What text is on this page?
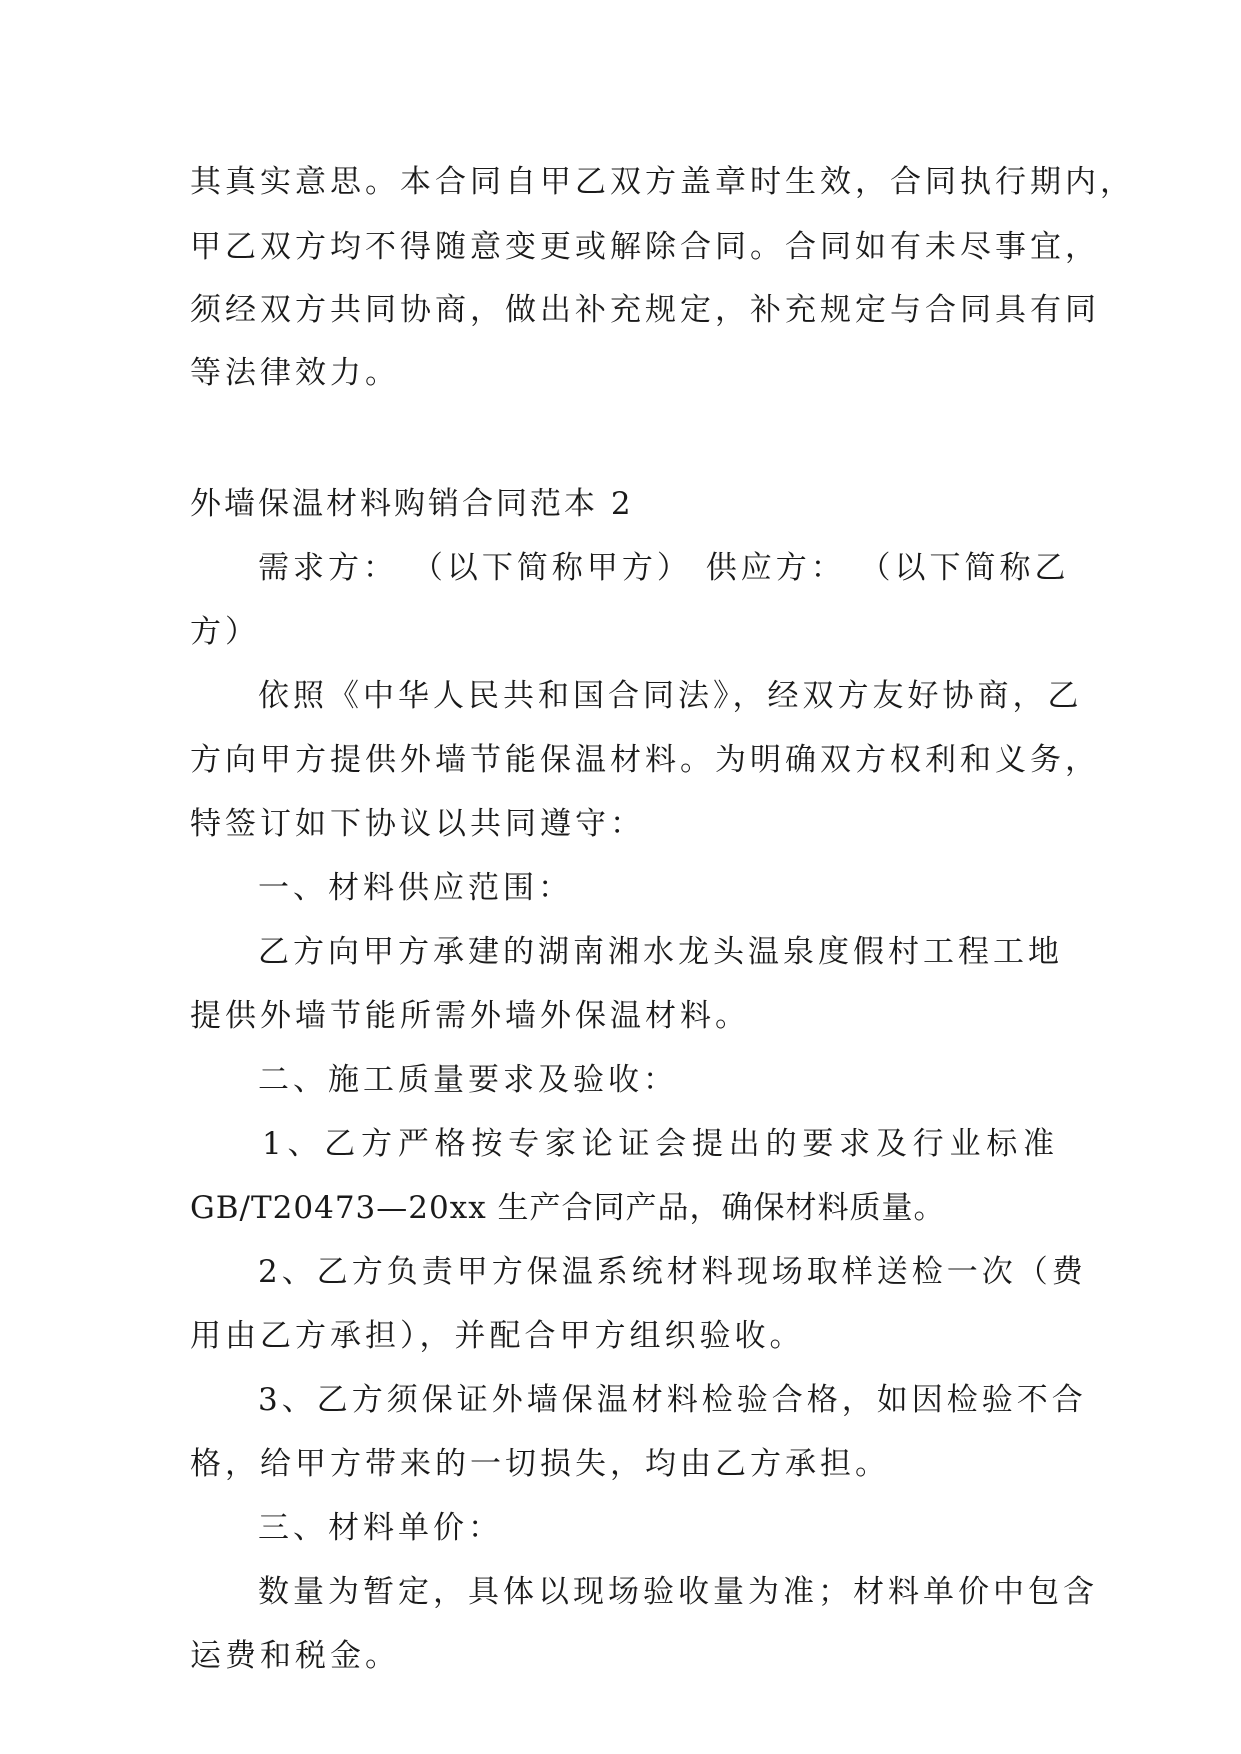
其真实意思。本合同自甲乙双方盖章时生效，合同执行期内，
甲乙双方均不得随意变更或解除合同。合同如有未尽事宜，
须经双方共同协商，做出补充规定，补充规定与合同具有同
等法律效力。
外墙保温材料购销合同范本 2
需求方： （以下简称甲方） 供应方： （以下简称乙
方）
依照《中华人民共和国合同法》，经双方友好协商，乙
方向甲方提供外墙节能保温材料。为明确双方权利和义务，
特签订如下协议以共同遵守：
一、材料供应范围：
乙方向甲方承建的湖南湘水龙头温泉度假村工程工地
提供外墙节能所需外墙外保温材料。
二、施工质量要求及验收：
1、乙方严格按专家论证会提出的要求及行业标准
GB/T20473—20xx 生产合同产品，确保材料质量。
2、乙方负责甲方保温系统材料现场取样送检一次（费
用由乙方承担），并配合甲方组织验收。
3、乙方须保证外墙保温材料检验合格，如因检验不合
格，给甲方带来的一切损失，均由乙方承担。
三、材料单价：
数量为暂定，具体以现场验收量为准；材料单价中包含
运费和税金。
